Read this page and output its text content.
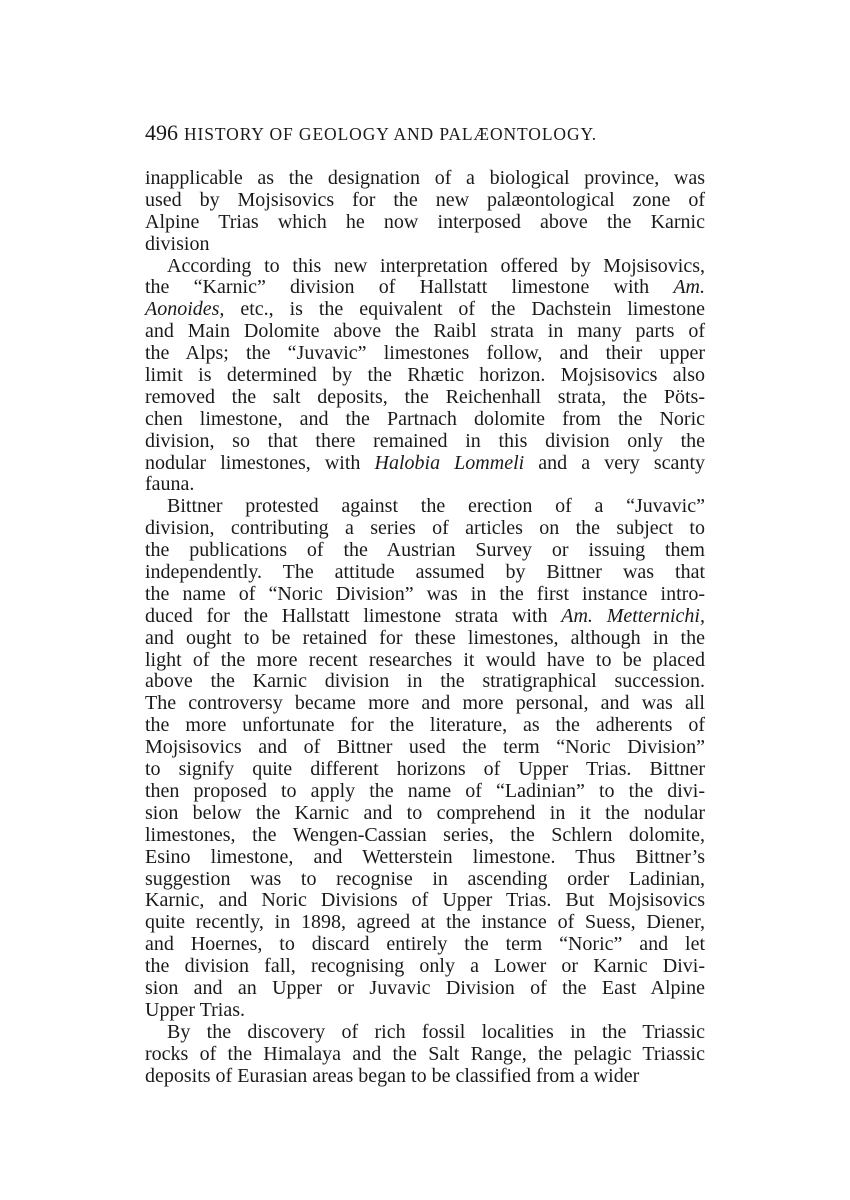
496 HISTORY OF GEOLOGY AND PALÆONTOLOGY.
inapplicable as the designation of a biological province, was
used by Mojsisovics for the new palæontological zone of
Alpine Trias which he now interposed above the Karnic
division
According to this new interpretation offered by Mojsisovics,
the “Karnic” division of Hallstatt limestone with Am.
Aonoides, etc., is the equivalent of the Dachstein limestone
and Main Dolomite above the Raibl strata in many parts of
the Alps; the “Juvavic” limestones follow, and their upper
limit is determined by the Rhætic horizon. Mojsisovics also
removed the salt deposits, the Reichenhall strata, the Pöts-
chen limestone, and the Partnach dolomite from the Noric
division, so that there remained in this division only the
nodular limestones, with Halobia Lommeli and a very scanty
fauna.
Bittner protested against the erection of a “Juvavic”
division, contributing a series of articles on the subject to
the publications of the Austrian Survey or issuing them
independently. The attitude assumed by Bittner was that
the name of “Noric Division” was in the first instance intro-
duced for the Hallstatt limestone strata with Am. Metternichi,
and ought to be retained for these limestones, although in the
light of the more recent researches it would have to be placed
above the Karnic division in the stratigraphical succession.
The controversy became more and more personal, and was all
the more unfortunate for the literature, as the adherents of
Mojsisovics and of Bittner used the term “Noric Division”
to signify quite different horizons of Upper Trias. Bittner
then proposed to apply the name of “Ladinian” to the divi-
sion below the Karnic and to comprehend in it the nodular
limestones, the Wengen-Cassian series, the Schlern dolomite,
Esino limestone, and Wetterstein limestone. Thus Bittner’s
suggestion was to recognise in ascending order Ladinian,
Karnic, and Noric Divisions of Upper Trias. But Mojsisovics
quite recently, in 1898, agreed at the instance of Suess, Diener,
and Hoernes, to discard entirely the term “Noric” and let
the division fall, recognising only a Lower or Karnic Divi-
sion and an Upper or Juvavic Division of the East Alpine
Upper Trias.
By the discovery of rich fossil localities in the Triassic
rocks of the Himalaya and the Salt Range, the pelagic Triassic
deposits of Eurasian areas began to be classified from a wider
